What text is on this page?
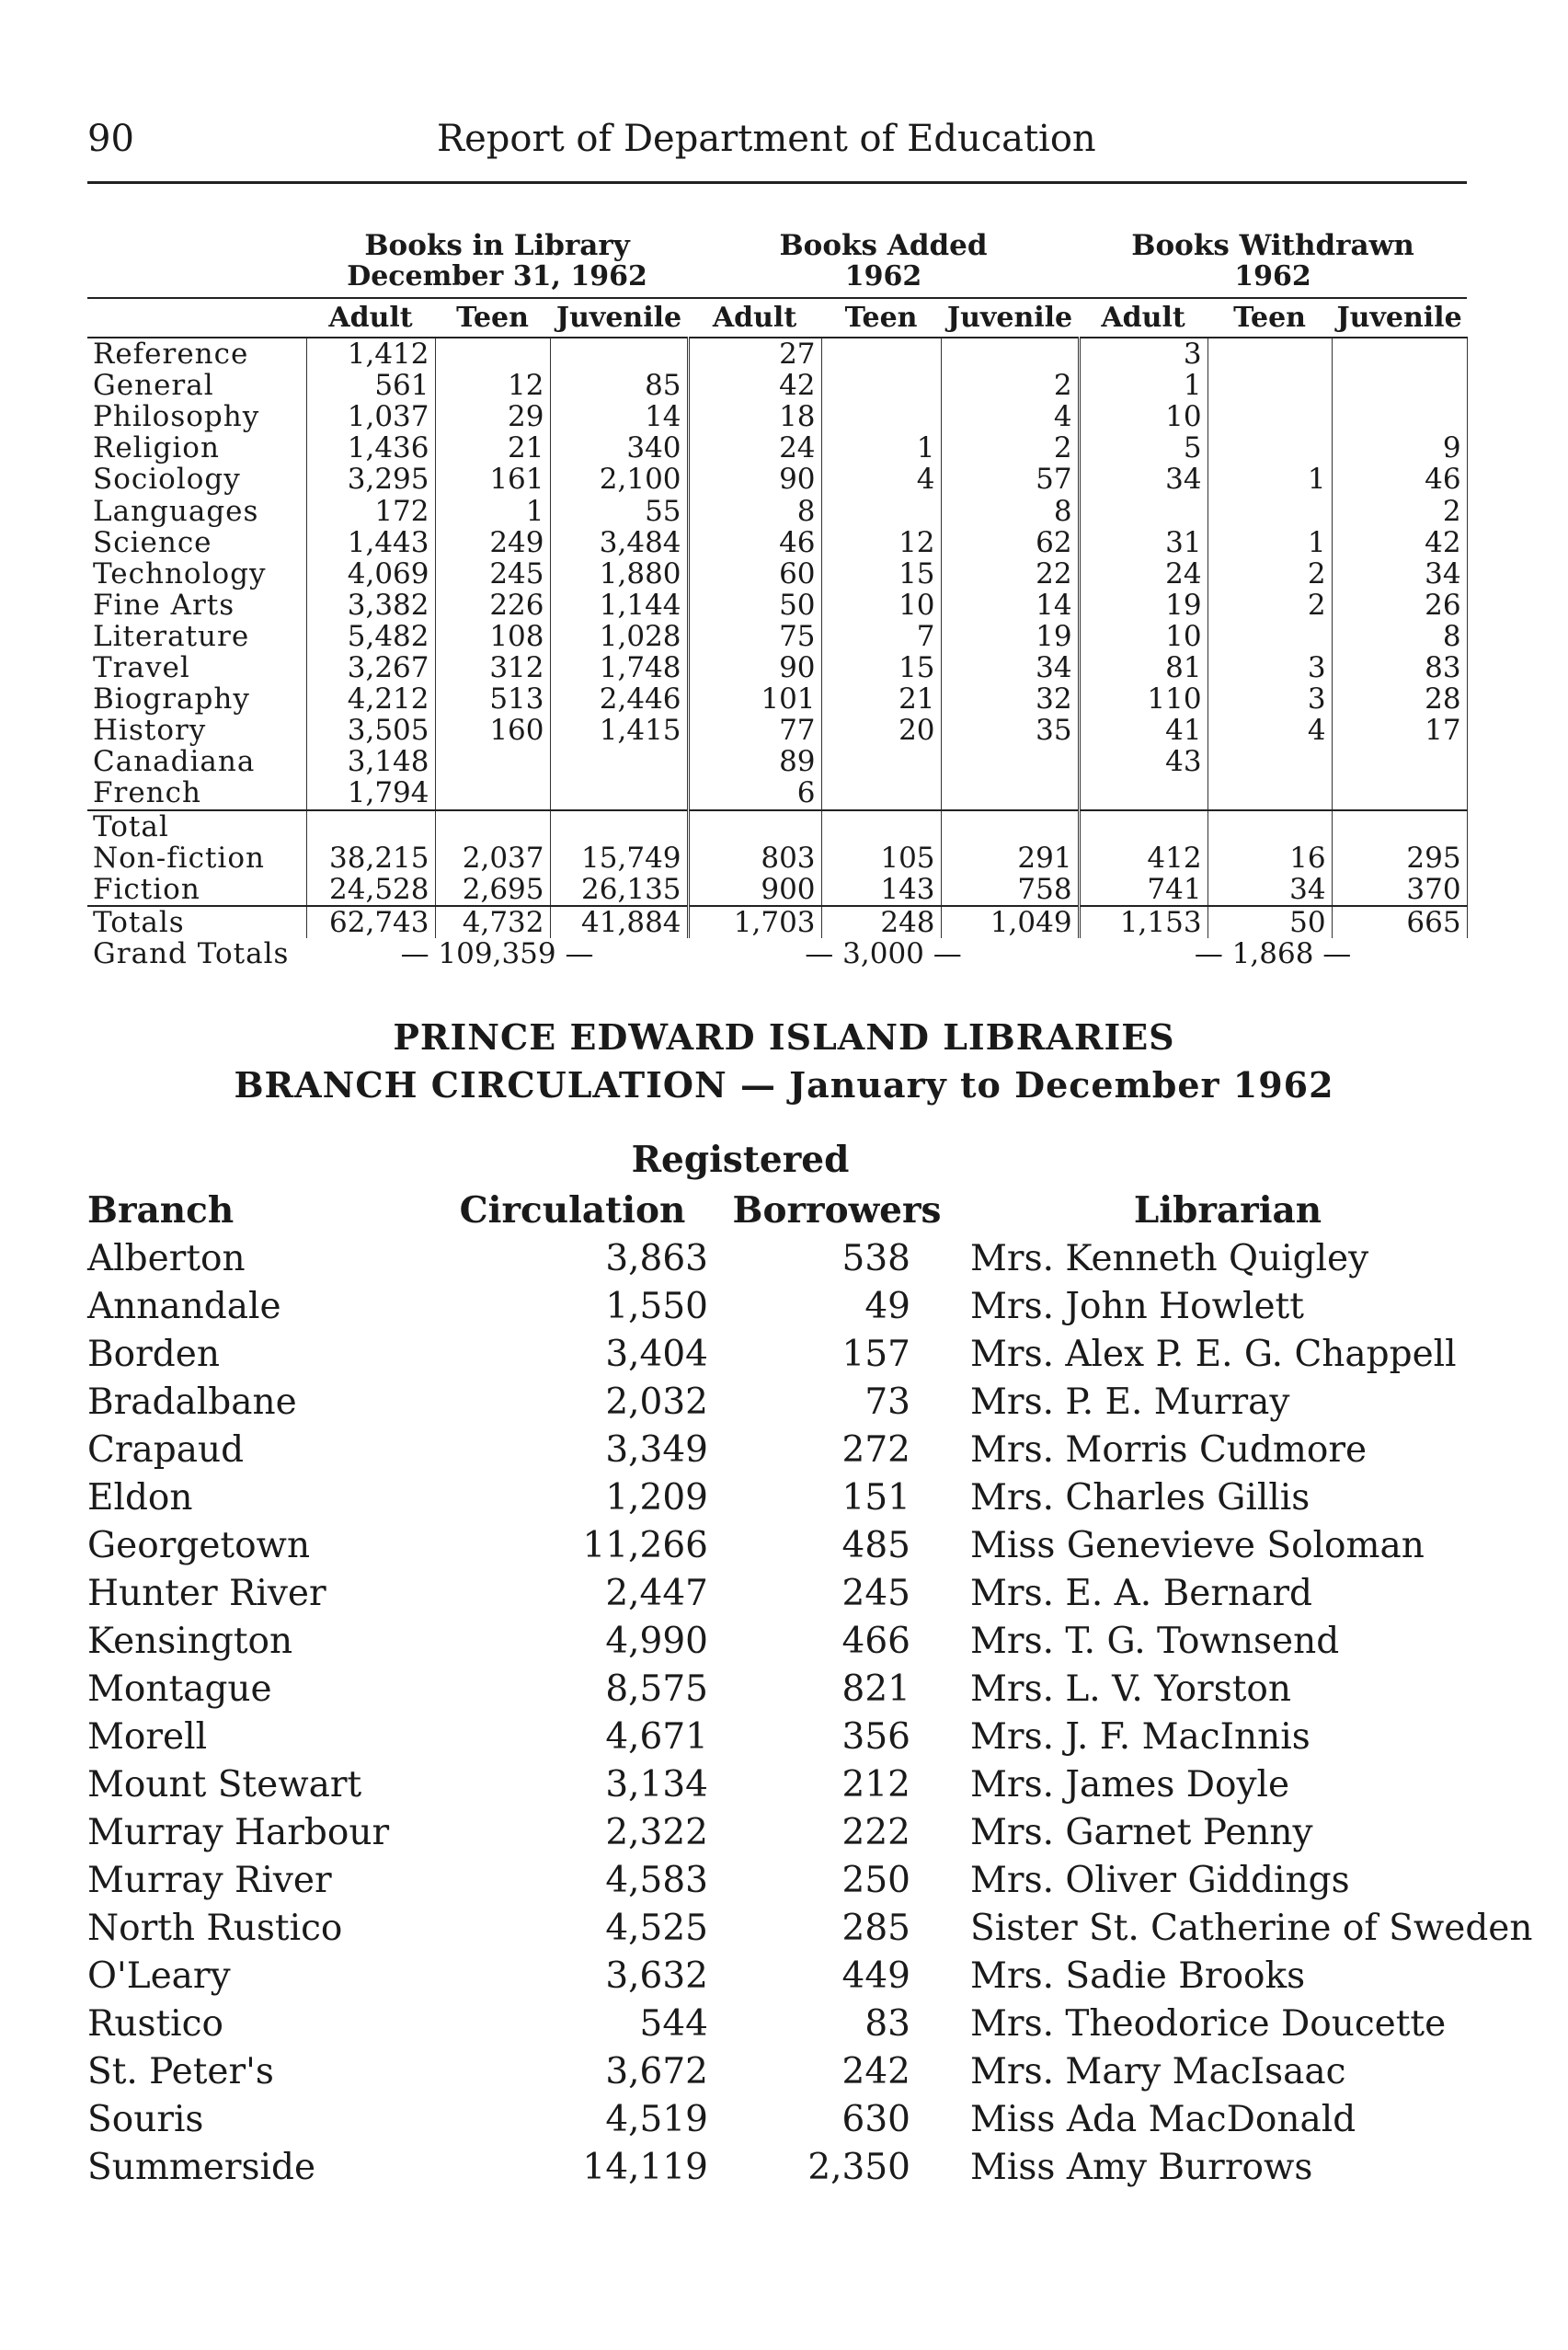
90	Report of Department of Education
	Books in Library			Books Added			Books Withdrawn		
	December 31, 1962			1962			1962		
	Adult	Teen	Juvenile	Adult	Teen	Juvenile	Adult	Teen	Juvenile
Reference	1,412			27			3		
General	561	12	85	42		2	1		
Philosophy	1,037	29	14	18		4	10		
Religion	1,436	21	340	24	1	2	5		9
Sociology	3,295	161	2,100	90	4	57	34	1	46
Languages	172	1	55	8		8			2
Science	1,443	249	3,484	46	12	62	31	1	42
Technology	4,069	245	1,880	60	15	22	24	2	34
Fine Arts	3,382	226	1,144	50	10	14	19	2	26
Literature	5,482	108	1,028	75	7	19	10		8
Travel	3,267	312	1,748	90	15	34	81	3	83
Biography	4,212	513	2,446	101	21	32	110	3	28
History	3,505	160	1,415	77	20	35	41	4	17
Canadiana	3,148			89			43		
French	1,794			6					
Total									
Non-fiction	38,215	2,037	15,749	803	105	291	412	16	295
Fiction	24,528	2,695	26,135	900	143	758	741	34	370
Totals	62,743	4,732	41,884	1,703	248	1,049	1,153	50	665
Grand Totals	— 109,359 —			— 3,000 —			— 1,868 —		
PRINCE EDWARD ISLAND LIBRARIES
BRANCH CIRCULATION — January to December 1962
Registered
Branch	Circulation	Borrowers	Librarian
Alberton	3,863	538	Mrs. Kenneth Quigley
Annandale	1,550	49	Mrs. John Howlett
Borden	3,404	157	Mrs. Alex P. E. G. Chappell
Bradalbane	2,032	73	Mrs. P. E. Murray
Crapaud	3,349	272	Mrs. Morris Cudmore
Eldon	1,209	151	Mrs. Charles Gillis
Georgetown	11,266	485	Miss Genevieve Soloman
Hunter River	2,447	245	Mrs. E. A. Bernard
Kensington	4,990	466	Mrs. T. G. Townsend
Montague	8,575	821	Mrs. L. V. Yorston
Morell	4,671	356	Mrs. J. F. MacInnis
Mount Stewart	3,134	212	Mrs. James Doyle
Murray Harbour	2,322	222	Mrs. Garnet Penny
Murray River	4,583	250	Mrs. Oliver Giddings
North Rustico	4,525	285	Sister St. Catherine of Sweden
O'Leary	3,632	449	Mrs. Sadie Brooks
Rustico	544	83	Mrs. Theodorice Doucette
St. Peter's	3,672	242	Mrs. Mary MacIsaac
Souris	4,519	630	Miss Ada MacDonald
Summerside	14,119	2,350	Miss Amy Burrows
